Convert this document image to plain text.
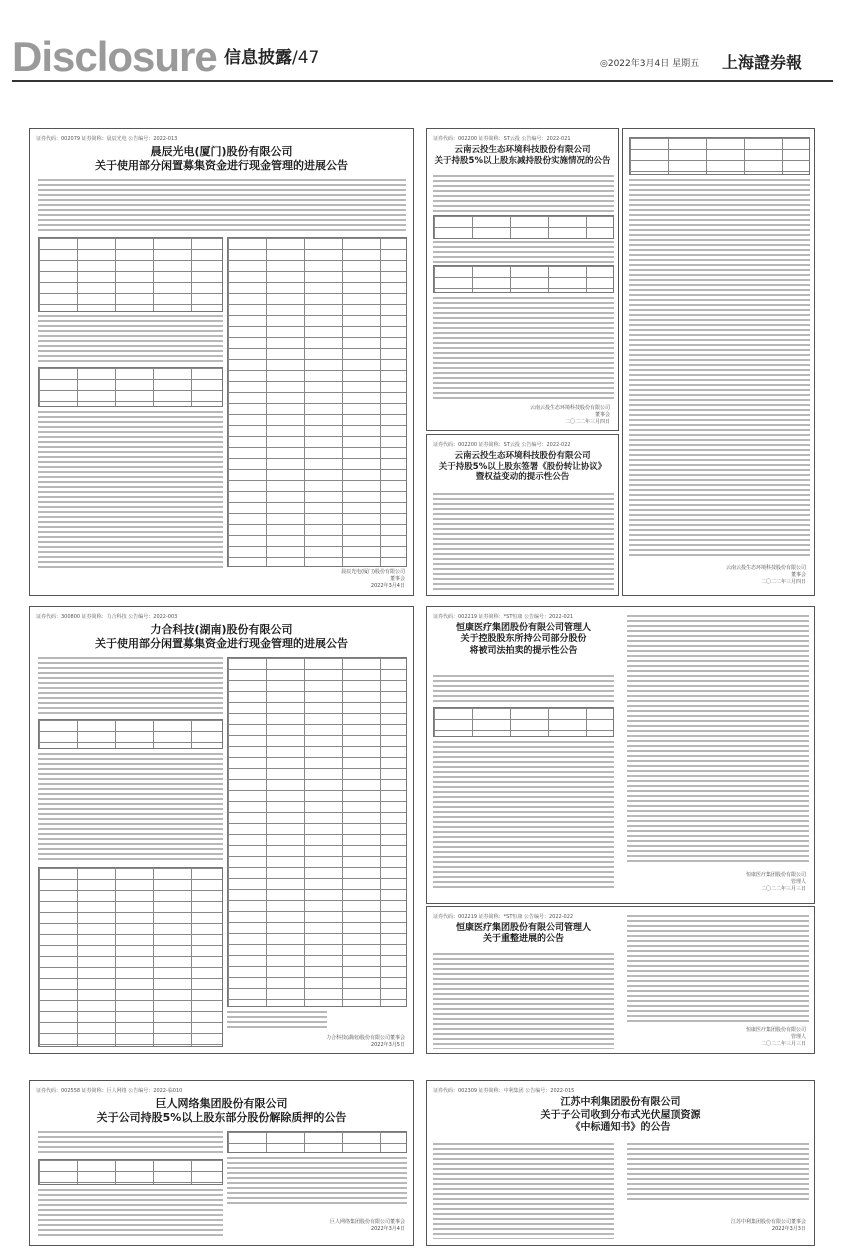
Disclosure 信息披露/47	◎2022年3月4日 星期五 上海證券報
证券代码：002079 证券简称：晨辰光电 公告编号：2022-013
晨辰光电(厦门)股份有限公司
关于使用部分闲置募集资金进行现金管理的进展公告
晨辰光电(厦门)股份有限公司
董事会
2022年3月4日
证券代码：002200 证券简称：ST云投 公告编号：2022-021
云南云投生态环境科技股份有限公司
关于持股5%以上股东减持股份实施情况的公告
云南云投生态环境科技股份有限公司
董事会
二〇二二年三月四日
证券代码：002200 证券简称：ST云投 公告编号：2022-022
云南云投生态环境科技股份有限公司
关于持股5%以上股东签署《股份转让协议》
暨权益变动的提示性公告
云南云投生态环境科技股份有限公司
董事会
二〇二二年三月四日
证券代码：300800 证券简称：力合科技 公告编号：2022-003
力合科技(湖南)股份有限公司
关于使用部分闲置募集资金进行现金管理的进展公告
力合科技(湖南)股份有限公司董事会
2022年3月5日
证券代码：002219 证券简称：*ST恒康 公告编号：2022-021
恒康医疗集团股份有限公司管理人
关于控股股东所持公司部分股份
将被司法拍卖的提示性公告
恒康医疗集团股份有限公司
管理人
二〇二二年三月三日
证券代码：002219 证券简称：*ST恒康 公告编号：2022-022
恒康医疗集团股份有限公司管理人
关于重整进展的公告
恒康医疗集团股份有限公司
管理人
二〇二二年三月三日
证券代码：002558 证券简称：巨人网络 公告编号：2022-临010
巨人网络集团股份有限公司
关于公司持股5%以上股东部分股份解除质押的公告
巨人网络集团股份有限公司董事会
2022年3月4日
证券代码：002309 证券简称：中利集团 公告编号：2022-015
江苏中利集团股份有限公司
关于子公司收到分布式光伏屋顶资源
《中标通知书》的公告
江苏中利集团股份有限公司董事会
2022年3月3日
